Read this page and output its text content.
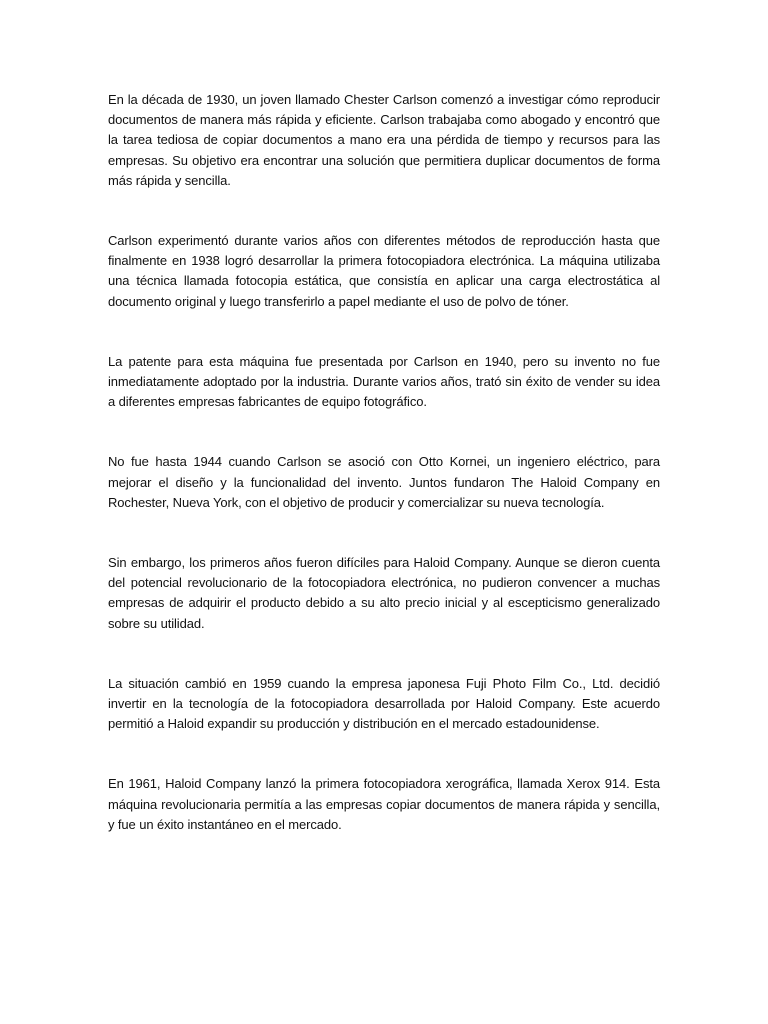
En la década de 1930, un joven llamado Chester Carlson comenzó a investigar cómo reproducir documentos de manera más rápida y eficiente. Carlson trabajaba como abogado y encontró que la tarea tediosa de copiar documentos a mano era una pérdida de tiempo y recursos para las empresas. Su objetivo era encontrar una solución que permitiera duplicar documentos de forma más rápida y sencilla.

Carlson experimentó durante varios años con diferentes métodos de reproducción hasta que finalmente en 1938 logró desarrollar la primera fotocopiadora electrónica. La máquina utilizaba una técnica llamada fotocopia estática, que consistía en aplicar una carga electrostática al documento original y luego transferirlo a papel mediante el uso de polvo de tóner.

La patente para esta máquina fue presentada por Carlson en 1940, pero su invento no fue inmediatamente adoptado por la industria. Durante varios años, trató sin éxito de vender su idea a diferentes empresas fabricantes de equipo fotográfico.

No fue hasta 1944 cuando Carlson se asoció con Otto Kornei, un ingeniero eléctrico, para mejorar el diseño y la funcionalidad del invento. Juntos fundaron The Haloid Company en Rochester, Nueva York, con el objetivo de producir y comercializar su nueva tecnología.

Sin embargo, los primeros años fueron difíciles para Haloid Company. Aunque se dieron cuenta del potencial revolucionario de la fotocopiadora electrónica, no pudieron convencer a muchas empresas de adquirir el producto debido a su alto precio inicial y al escepticismo generalizado sobre su utilidad.

La situación cambió en 1959 cuando la empresa japonesa Fuji Photo Film Co., Ltd. decidió invertir en la tecnología de la fotocopiadora desarrollada por Haloid Company. Este acuerdo permitió a Haloid expandir su producción y distribución en el mercado estadounidense.

En 1961, Haloid Company lanzó la primera fotocopiadora xerográfica, llamada Xerox 914. Esta máquina revolucionaria permitía a las empresas copiar documentos de manera rápida y sencilla, y fue un éxito instantáneo en el mercado.
